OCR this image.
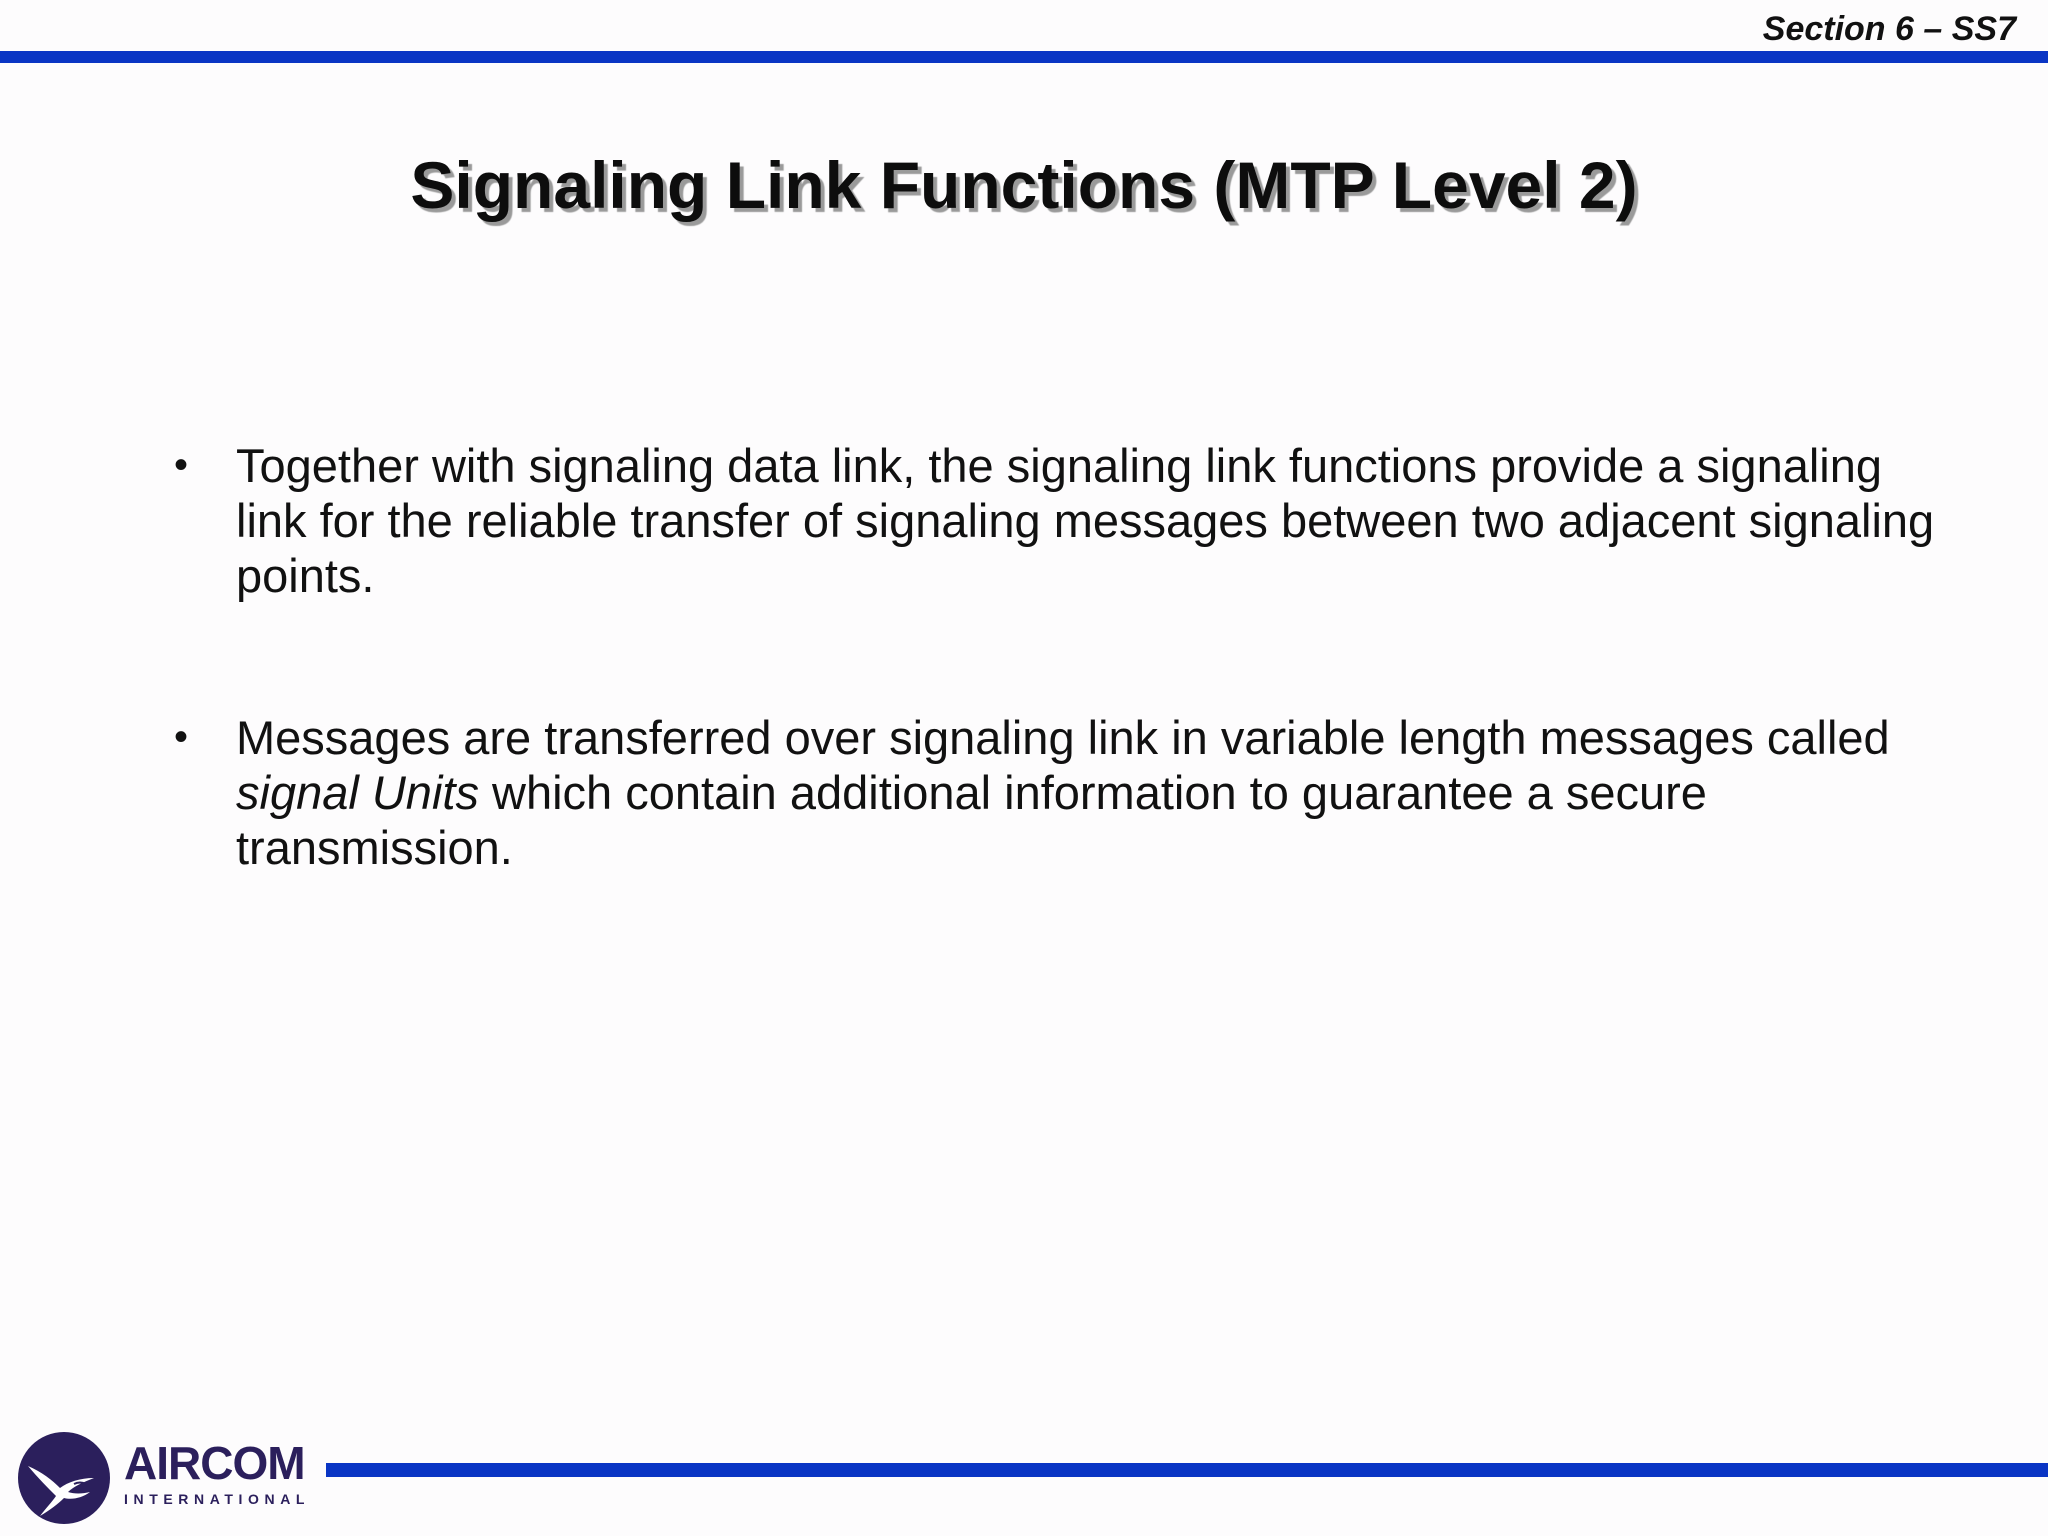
Section 6 – SS7
Signaling Link Functions (MTP Level 2)
• Together with signaling data link, the signaling link functions provide a signaling link for the reliable transfer of signaling messages between two adjacent signaling points.
• Messages are transferred over signaling link in variable length messages called signal Units which contain additional information to guarantee a secure transmission.
AIRCOM
INTERNATIONAL
